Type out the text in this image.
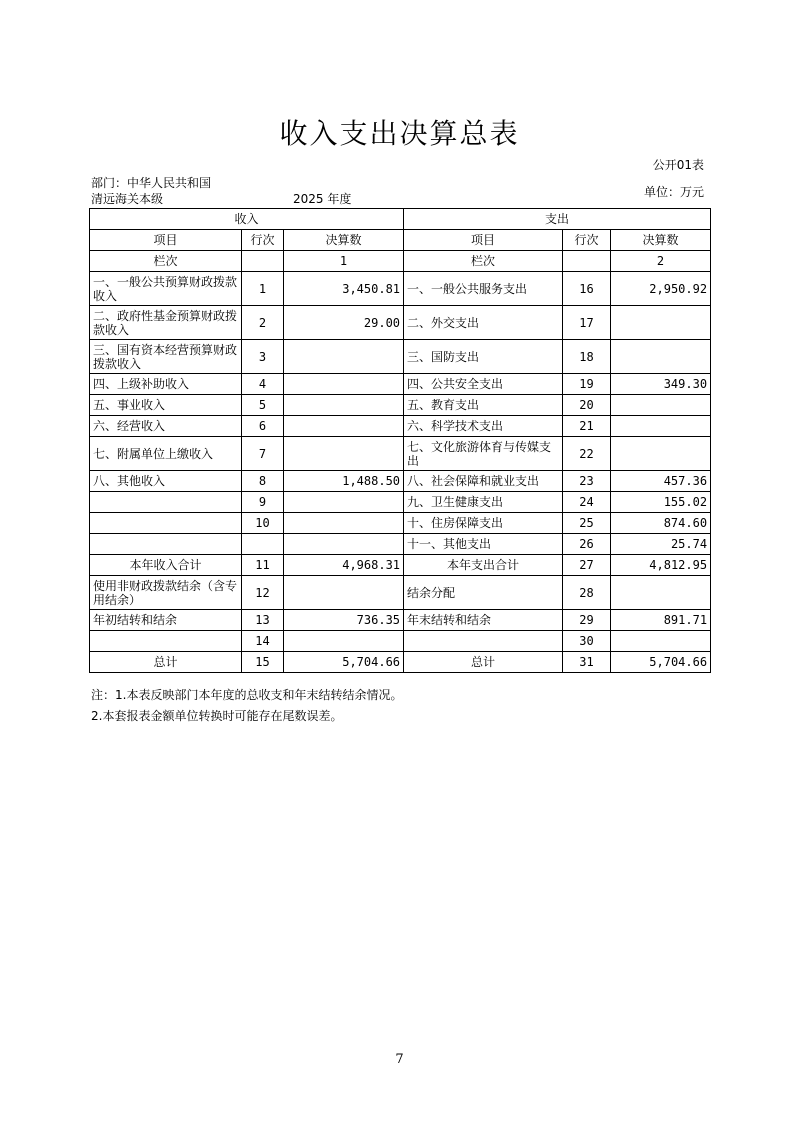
收入支出决算总表
公开01表
单位：万元
部门：中华人民共和国
清远海关本级	2025 年度
收入			支出		
项目	行次	决算数	项目	行次	决算数
栏次		1	栏次		2
一、一般公共预算财政拨款收入	1	3,450.81	一、一般公共服务支出	16	2,950.92
二、政府性基金预算财政拨款收入	2	29.00	二、外交支出	17	
三、国有资本经营预算财政拨款收入	3		三、国防支出	18	
四、上级补助收入	4		四、公共安全支出	19	349.30
五、事业收入	5		五、教育支出	20	
六、经营收入	6		六、科学技术支出	21	
七、附属单位上缴收入	7		七、文化旅游体育与传媒支出	22	
八、其他收入	8	1,488.50	八、社会保障和就业支出	23	457.36
	9		九、卫生健康支出	24	155.02
	10		十、住房保障支出	25	874.60
			十一、其他支出	26	25.74
本年收入合计	11	4,968.31	本年支出合计	27	4,812.95
使用非财政拨款结余（含专用结余）	12		结余分配	28	
年初结转和结余	13	736.35	年末结转和结余	29	891.71
	14			30	
总计	15	5,704.66	总计	31	5,704.66
注：1.本表反映部门本年度的总收支和年末结转结余情况。
2.本套报表金额单位转换时可能存在尾数误差。
7
